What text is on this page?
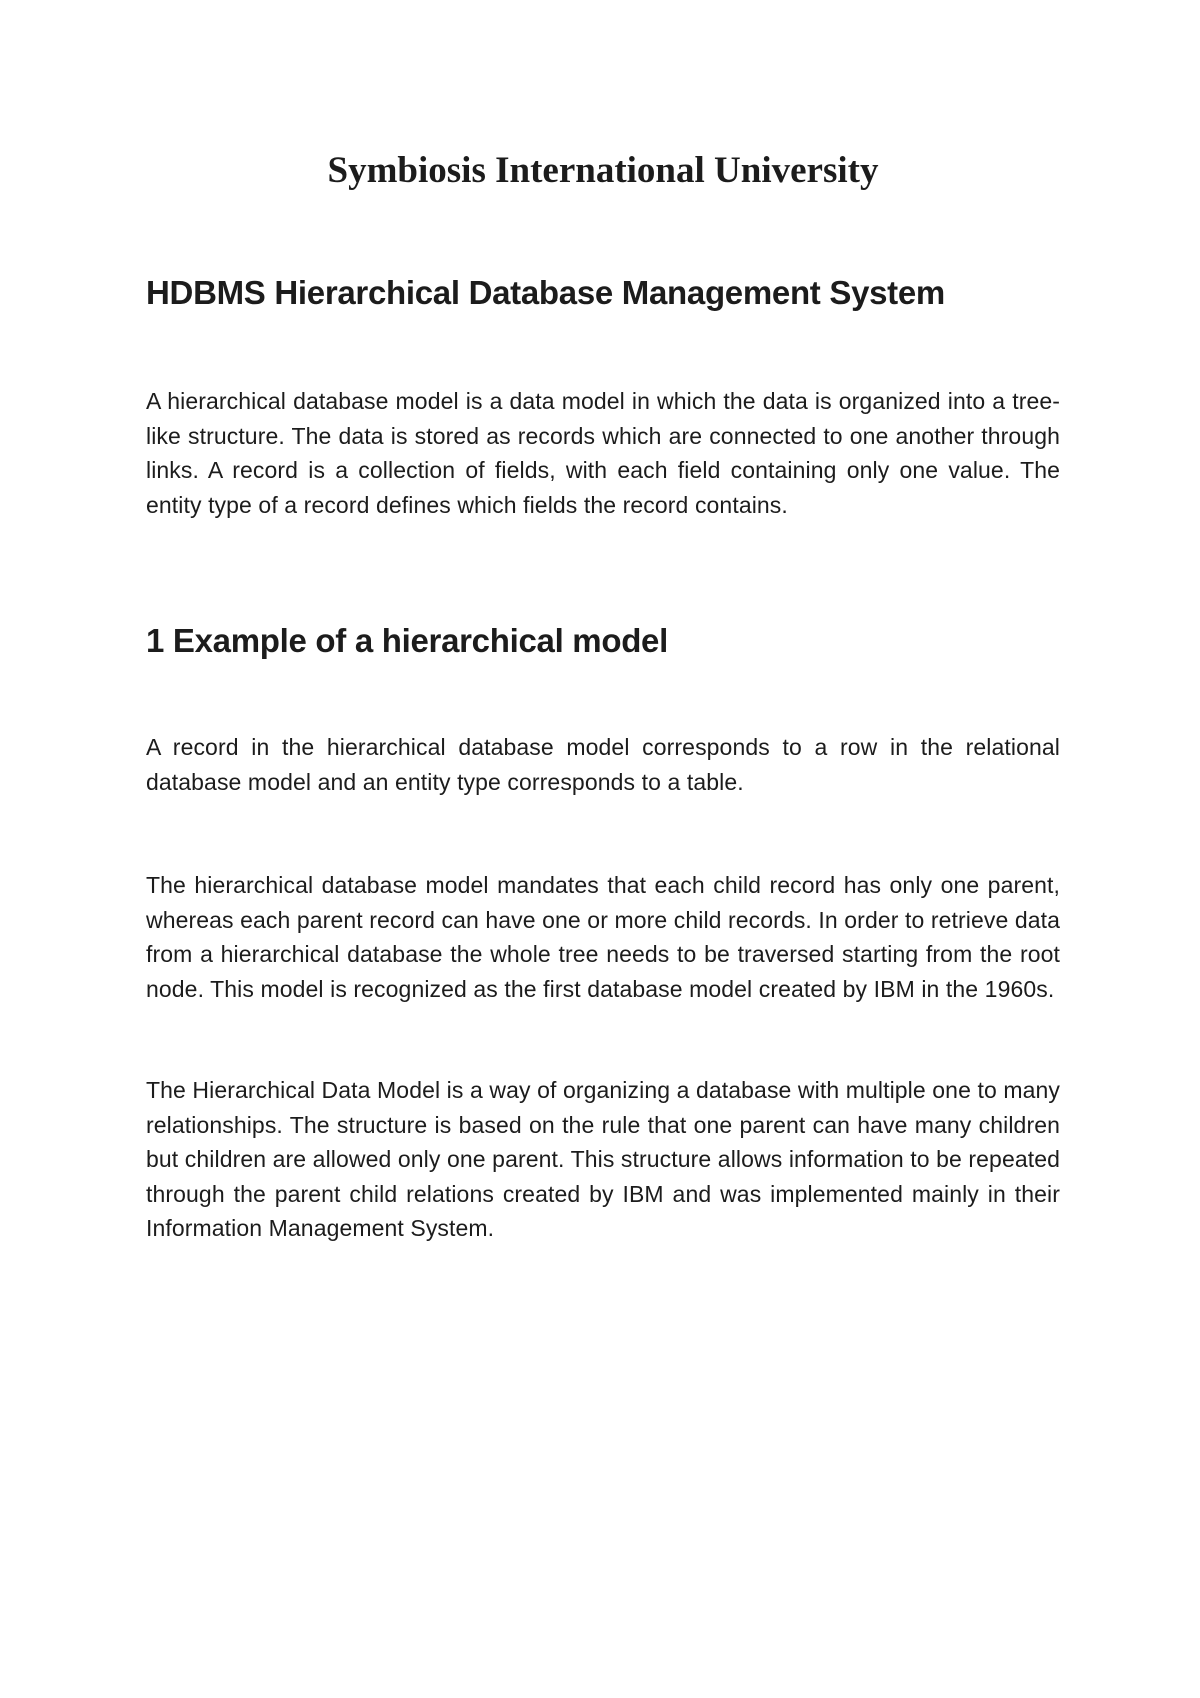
Symbiosis International University
HDBMS Hierarchical Database Management System

A hierarchical database model is a data model in which the data is organized into a tree-like structure. The data is stored as records which are connected to one another through links. A record is a collection of fields, with each field containing only one value. The entity type of a record defines which fields the record contains.

1 Example of a hierarchical model

A record in the hierarchical database model corresponds to a row in the relational database model and an entity type corresponds to a table.

The hierarchical database model mandates that each child record has only one parent, whereas each parent record can have one or more child records. In order to retrieve data from a hierarchical database the whole tree needs to be traversed starting from the root node. This model is recognized as the first database model created by IBM in the 1960s.

The Hierarchical Data Model is a way of organizing a database with multiple one to many relationships. The structure is based on the rule that one parent can have many children but children are allowed only one parent. This structure allows information to be repeated through the parent child relations created by IBM and was implemented mainly in their Information Management System.
